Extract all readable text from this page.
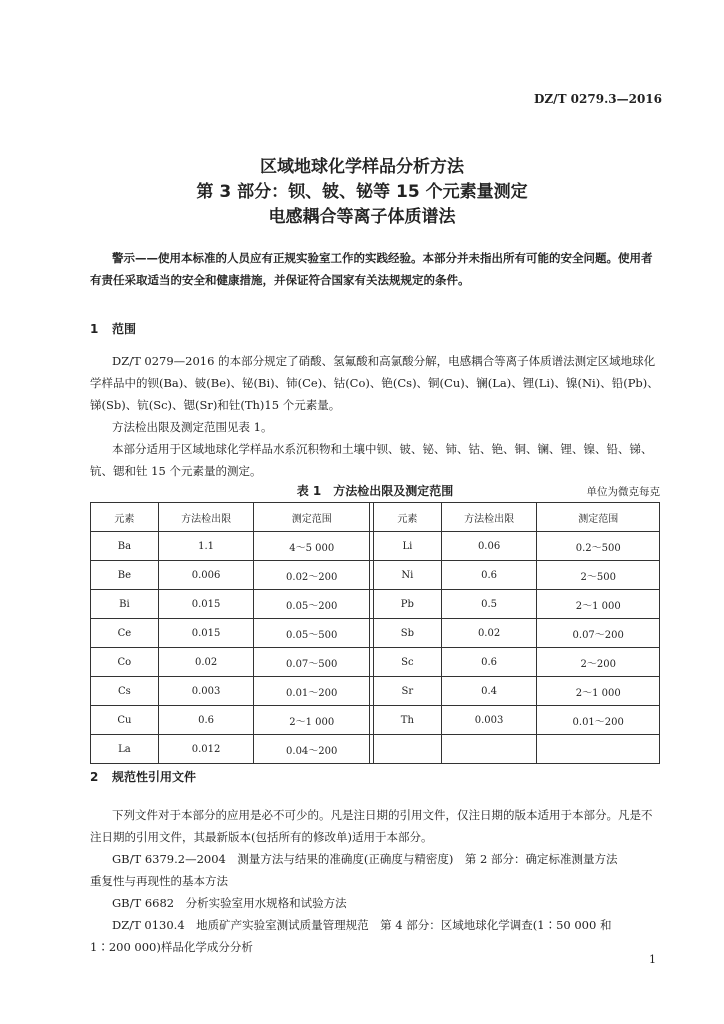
DZ/T 0279.3—2016
区域地球化学样品分析方法
第 3 部分：钡、铍、铋等 15 个元素量测定
电感耦合等离子体质谱法
警示——使用本标准的人员应有正规实验室工作的实践经验。本部分并未指出所有可能的安全问题。使用者有责任采取适当的安全和健康措施，并保证符合国家有关法规规定的条件。
1 范围
DZ/T 0279—2016 的本部分规定了硝酸、氢氟酸和高氯酸分解，电感耦合等离子体质谱法测定区域地球化学样品中的钡(Ba)、铍(Be)、铋(Bi)、铈(Ce)、钴(Co)、铯(Cs)、铜(Cu)、镧(La)、锂(Li)、镍(Ni)、铅(Pb)、锑(Sb)、钪(Sc)、锶(Sr)和钍(Th)15 个元素量。
方法检出限及测定范围见表 1。
本部分适用于区域地球化学样品水系沉积物和土壤中钡、铍、铋、铈、钴、铯、铜、镧、锂、镍、铅、锑、钪、锶和钍 15 个元素量的测定。
表 1　方法检出限及测定范围	单位为微克每克
元素	方法检出限	测定范围		元素	方法检出限	测定范围
Ba	1.1	4～5 000		Li	0.06	0.2～500
Be	0.006	0.02～200		Ni	0.6	2～500
Bi	0.015	0.05～200		Pb	0.5	2～1 000
Ce	0.015	0.05～500		Sb	0.02	0.07～200
Co	0.02	0.07～500		Sc	0.6	2～200
Cs	0.003	0.01～200		Sr	0.4	2～1 000
Cu	0.6	2～1 000		Th	0.003	0.01～200
La	0.012	0.04～200				
2 规范性引用文件
下列文件对于本部分的应用是必不可少的。凡是注日期的引用文件，仅注日期的版本适用于本部分。凡是不注日期的引用文件，其最新版本(包括所有的修改单)适用于本部分。
GB/T 6379.2—2004　测量方法与结果的准确度(正确度与精密度)　第 2 部分：确定标准测量方法
重复性与再现性的基本方法
GB/T 6682　分析实验室用水规格和试验方法
DZ/T 0130.4　地质矿产实验室测试质量管理规范　第 4 部分：区域地球化学调查(1∶50 000 和
1∶200 000)样品化学成分分析
1
